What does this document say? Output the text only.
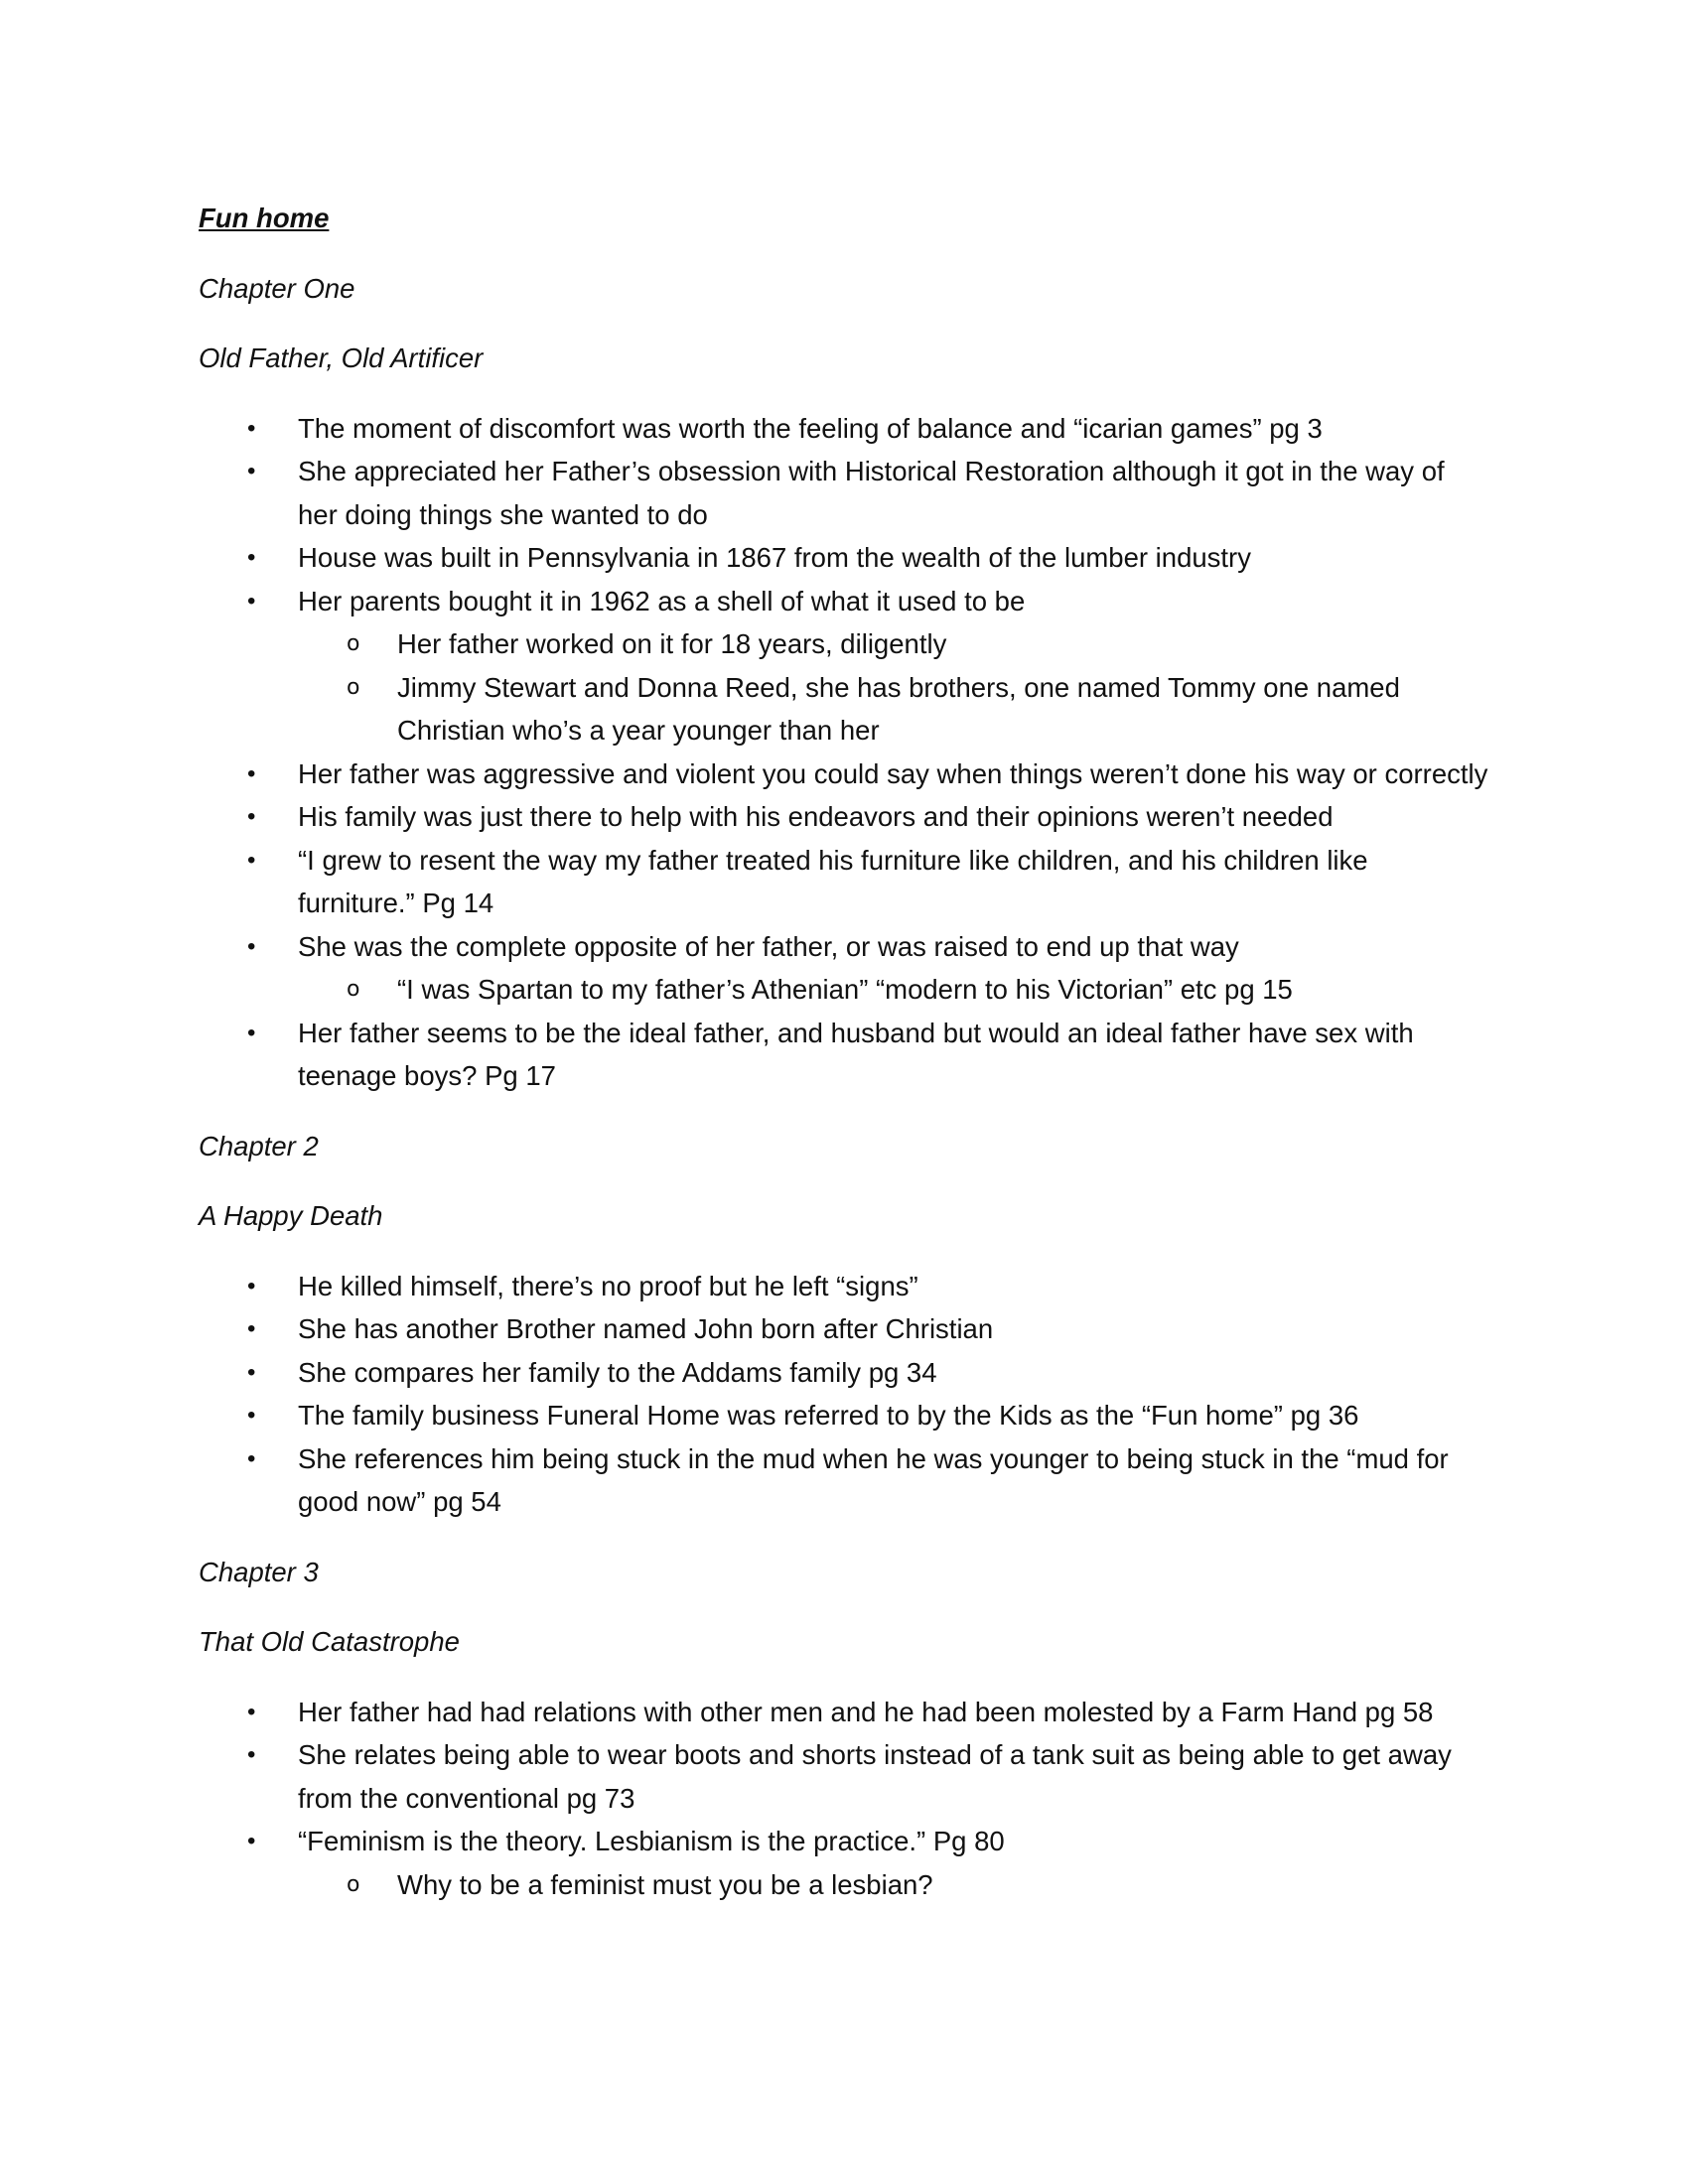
Fun home
Chapter One
Old Father, Old Artificer
• The moment of discomfort was worth the feeling of balance and “icarian games” pg 3
• She appreciated her Father’s obsession with Historical Restoration although it got in the way of her doing things she wanted to do
• House was built in Pennsylvania in 1867 from the wealth of the lumber industry
• Her parents bought it in 1962 as a shell of what it used to be
o Her father worked on it for 18 years, diligently
o Jimmy Stewart and Donna Reed, she has brothers, one named Tommy one named Christian who’s a year younger than her
• Her father was aggressive and violent you could say when things weren’t done his way or correctly
• His family was just there to help with his endeavors and their opinions weren’t needed
• “I grew to resent the way my father treated his furniture like children, and his children like furniture.” Pg 14
• She was the complete opposite of her father, or was raised to end up that way
o “I was Spartan to my father’s Athenian” “modern to his Victorian” etc pg 15
• Her father seems to be the ideal father, and husband but would an ideal father have sex with teenage boys? Pg 17
Chapter 2
A Happy Death
• He killed himself, there’s no proof but he left “signs”
• She has another Brother named John born after Christian
• She compares her family to the Addams family pg 34
• The family business Funeral Home was referred to by the Kids as the “Fun home” pg 36
• She references him being stuck in the mud when he was younger to being stuck in the “mud for good now” pg 54
Chapter 3
That Old Catastrophe
• Her father had had relations with other men and he had been molested by a Farm Hand pg 58
• She relates being able to wear boots and shorts instead of a tank suit as being able to get away from the conventional pg 73
• “Feminism is the theory. Lesbianism is the practice.” Pg 80
o Why to be a feminist must you be a lesbian?
